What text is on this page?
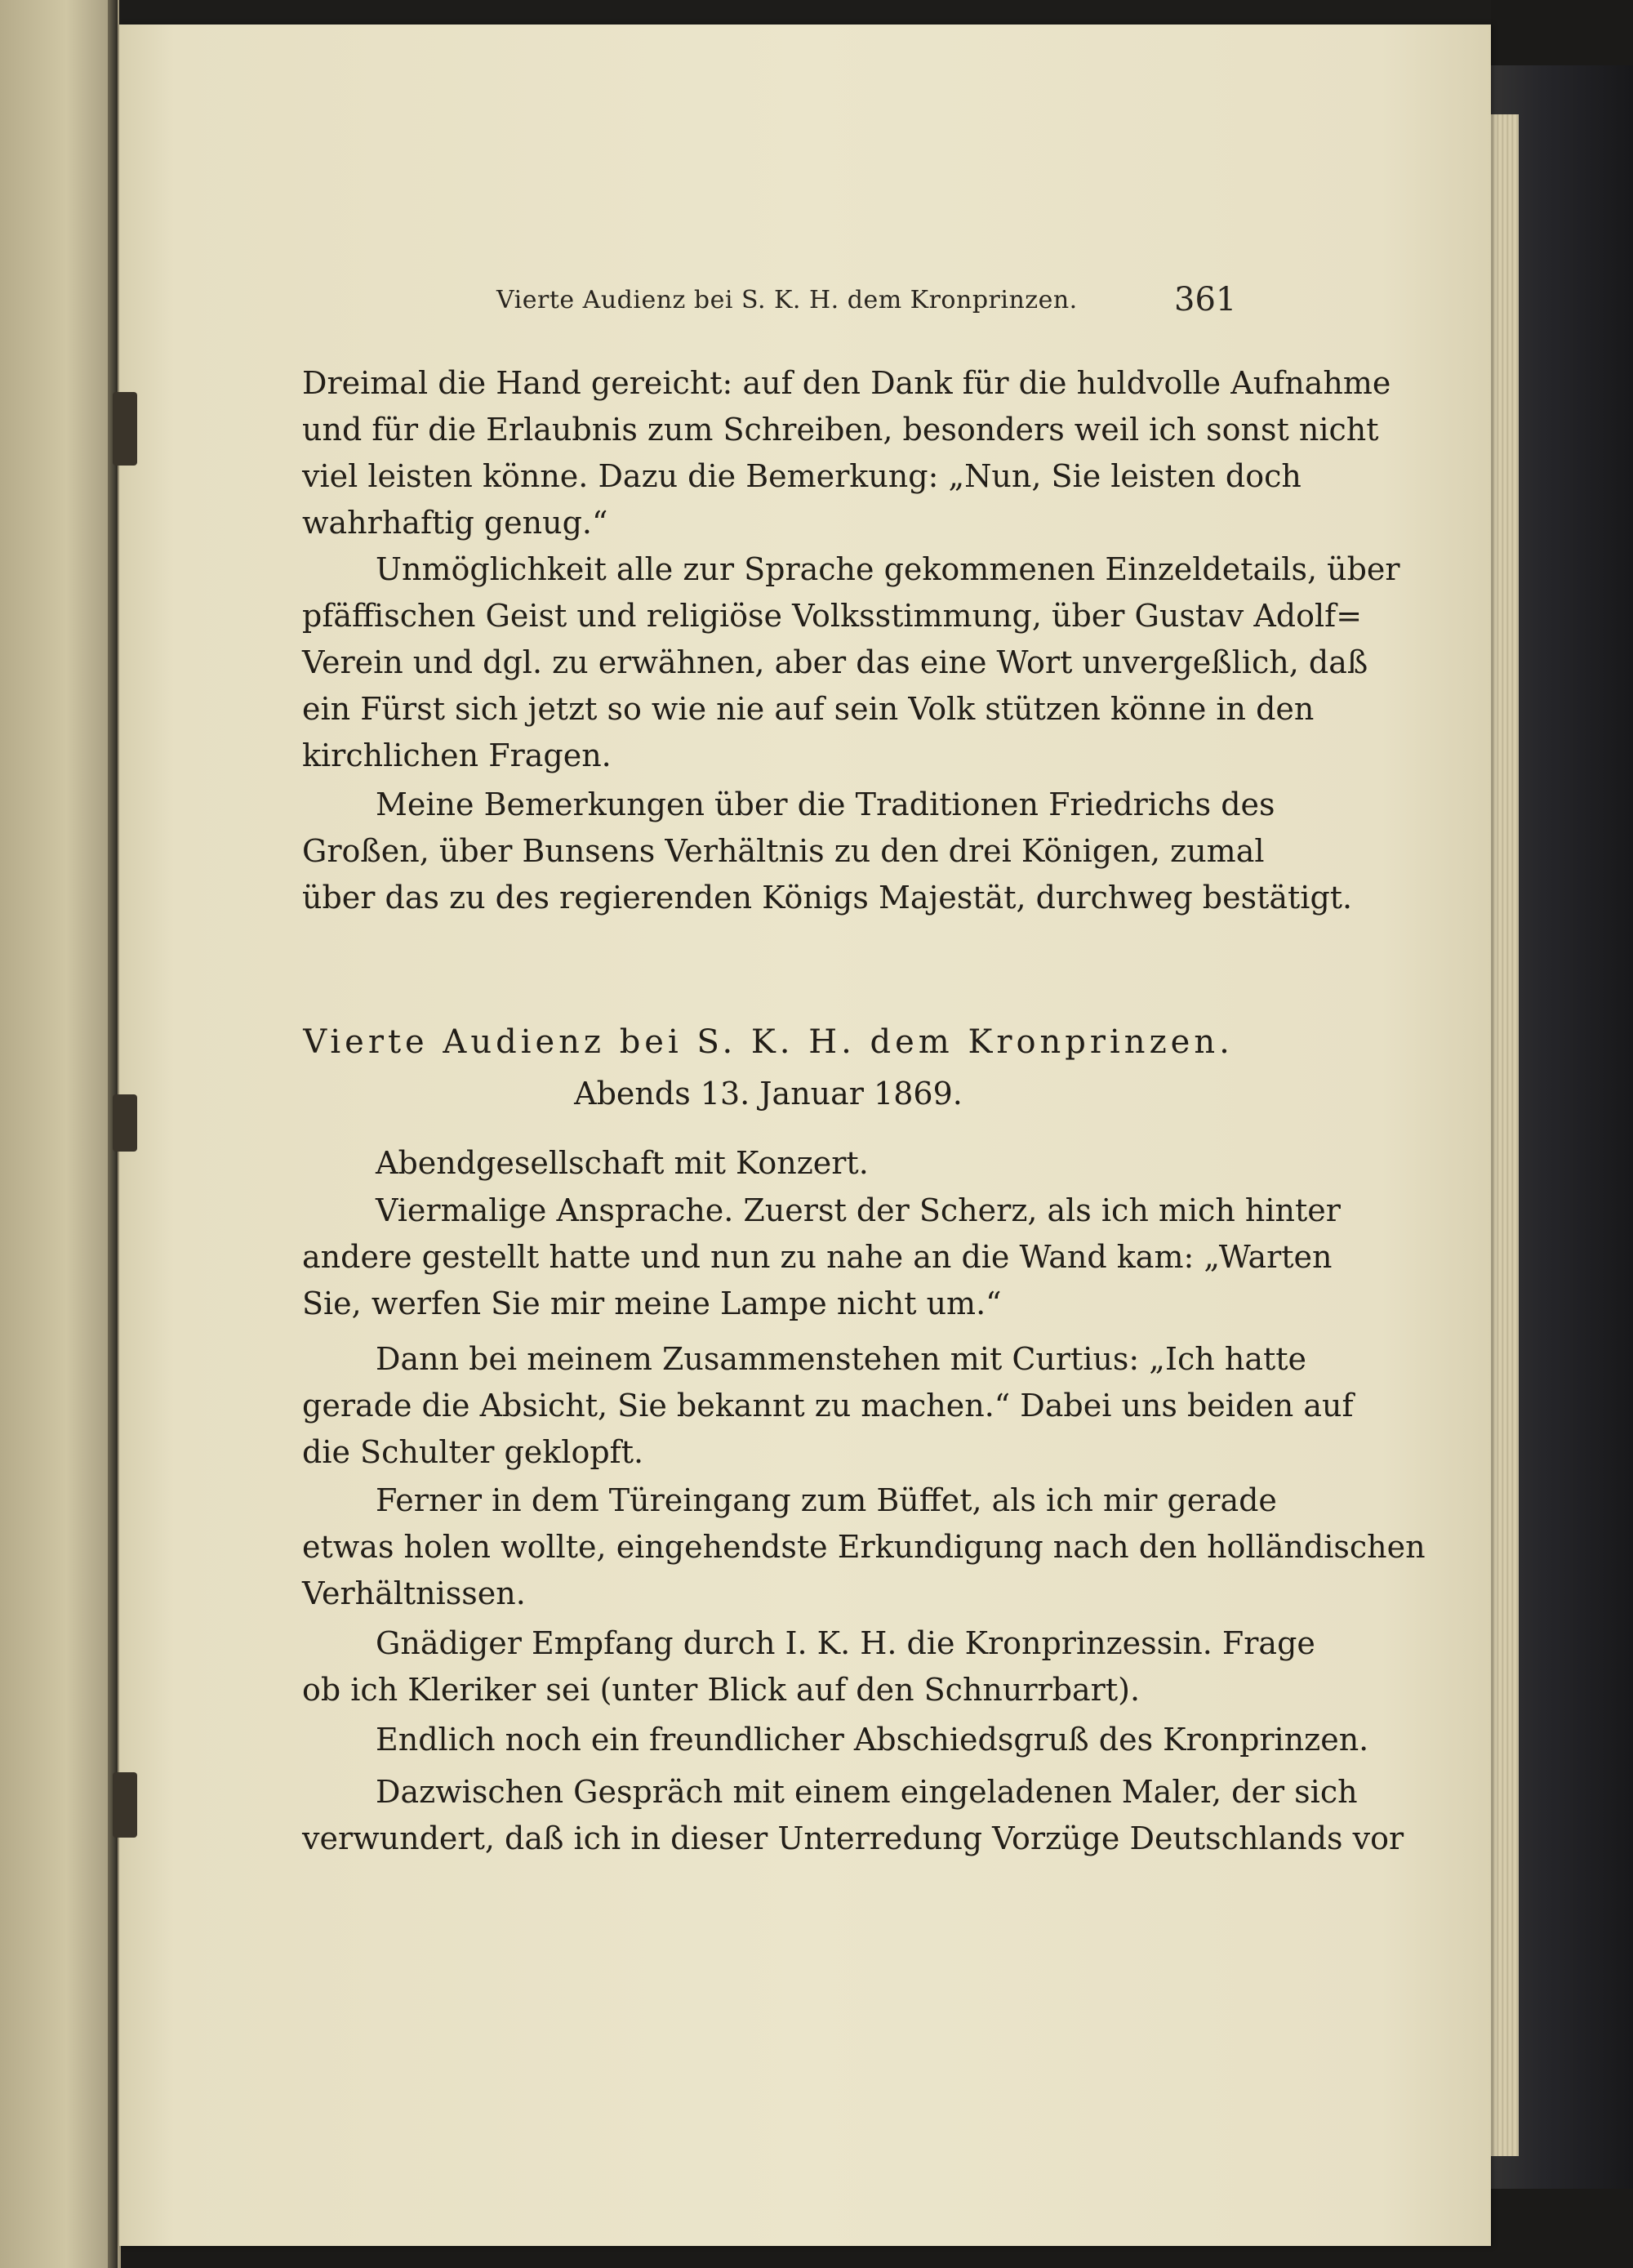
Vierte Audienz bei S. K. H. dem Kronprinzen.	361
Dreimal die Hand gereicht: auf den Dank für die huldvolle Aufnahme
und für die Erlaubnis zum Schreiben, besonders weil ich sonst nicht
viel leisten könne. Dazu die Bemerkung: „Nun, Sie leisten doch
wahrhaftig genug.“
Unmöglichkeit alle zur Sprache gekommenen Einzeldetails, über
pfäffischen Geist und religiöse Volksstimmung, über Gustav Adolf=
Verein und dgl. zu erwähnen, aber das eine Wort unvergeßlich, daß
ein Fürst sich jetzt so wie nie auf sein Volk stützen könne in den
kirchlichen Fragen.
Meine Bemerkungen über die Traditionen Friedrichs des
Großen, über Bunsens Verhältnis zu den drei Königen, zumal
über das zu des regierenden Königs Majestät, durchweg bestätigt.
Vierte Audienz bei S. K. H. dem Kronprinzen.
Abends 13. Januar 1869.
Abendgesellschaft mit Konzert.
Viermalige Ansprache. Zuerst der Scherz, als ich mich hinter
andere gestellt hatte und nun zu nahe an die Wand kam: „Warten
Sie, werfen Sie mir meine Lampe nicht um.“
Dann bei meinem Zusammenstehen mit Curtius: „Ich hatte
gerade die Absicht, Sie bekannt zu machen.“ Dabei uns beiden auf
die Schulter geklopft.
Ferner in dem Türeingang zum Büffet, als ich mir gerade
etwas holen wollte, eingehendste Erkundigung nach den holländischen
Verhältnissen.
Gnädiger Empfang durch I. K. H. die Kronprinzessin. Frage
ob ich Kleriker sei (unter Blick auf den Schnurrbart).
Endlich noch ein freundlicher Abschiedsgruß des Kronprinzen.
Dazwischen Gespräch mit einem eingeladenen Maler, der sich
verwundert, daß ich in dieser Unterredung Vorzüge Deutschlands vor
